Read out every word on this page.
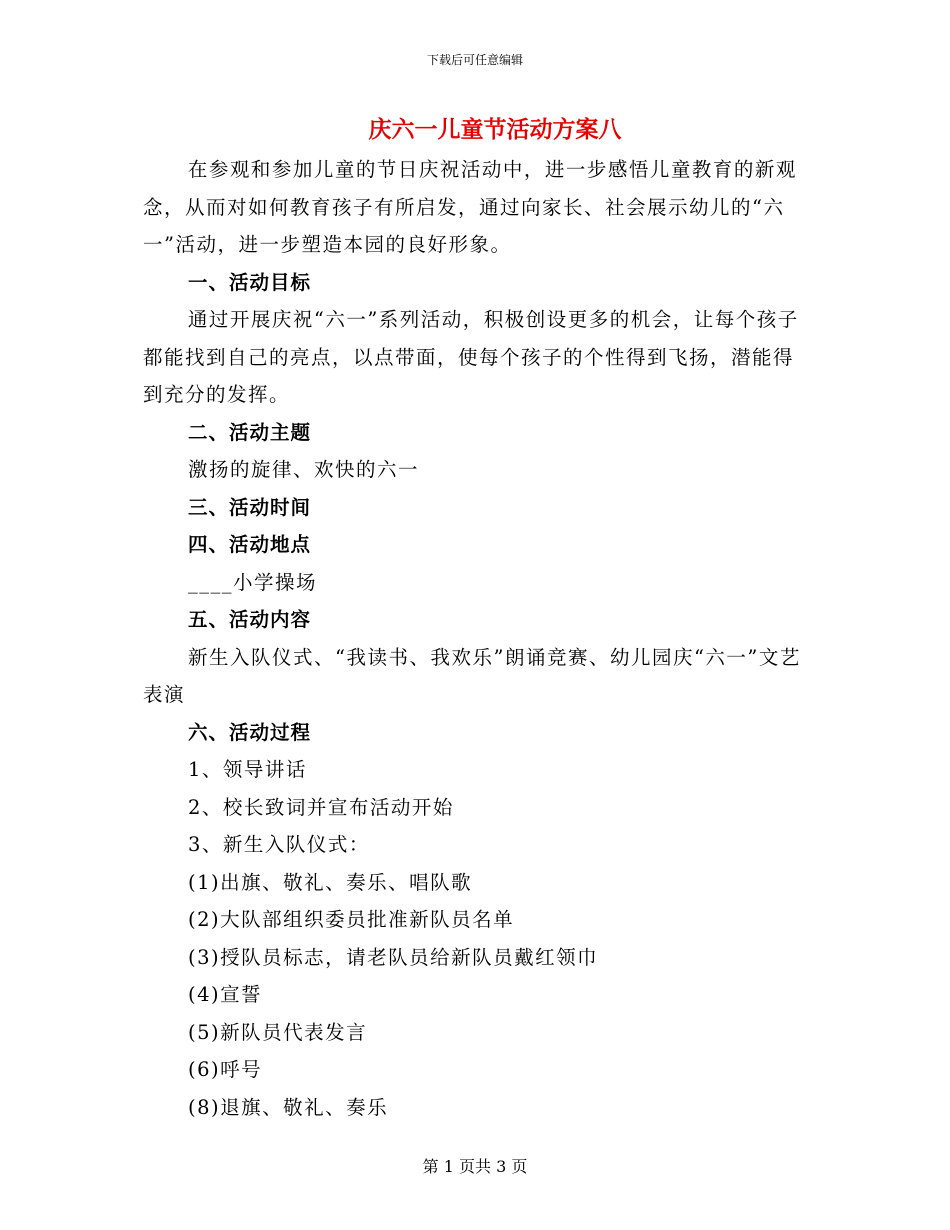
下载后可任意编辑
庆六一儿童节活动方案八

在参观和参加儿童的节日庆祝活动中，进一步感悟儿童教育的新观念，从而对如何教育孩子有所启发，通过向家长、社会展示幼儿的“六一”活动，进一步塑造本园的良好形象。

一、活动目标

通过开展庆祝“六一”系列活动，积极创设更多的机会，让每个孩子都能找到自己的亮点，以点带面，使每个孩子的个性得到飞扬，潜能得到充分的发挥。

二、活动主题

激扬的旋律、欢快的六一

三、活动时间

四、活动地点

____小学操场

五、活动内容

新生入队仪式、“我读书、我欢乐”朗诵竞赛、幼儿园庆“六一”文艺表演

六、活动过程

1、领导讲话

2、校长致词并宣布活动开始

3、新生入队仪式：

(1)出旗、敬礼、奏乐、唱队歌

(2)大队部组织委员批准新队员名单

(3)授队员标志，请老队员给新队员戴红领巾

(4)宣誓

(5)新队员代表发言

(6)呼号

(8)退旗、敬礼、奏乐

第 1 页共 3 页
